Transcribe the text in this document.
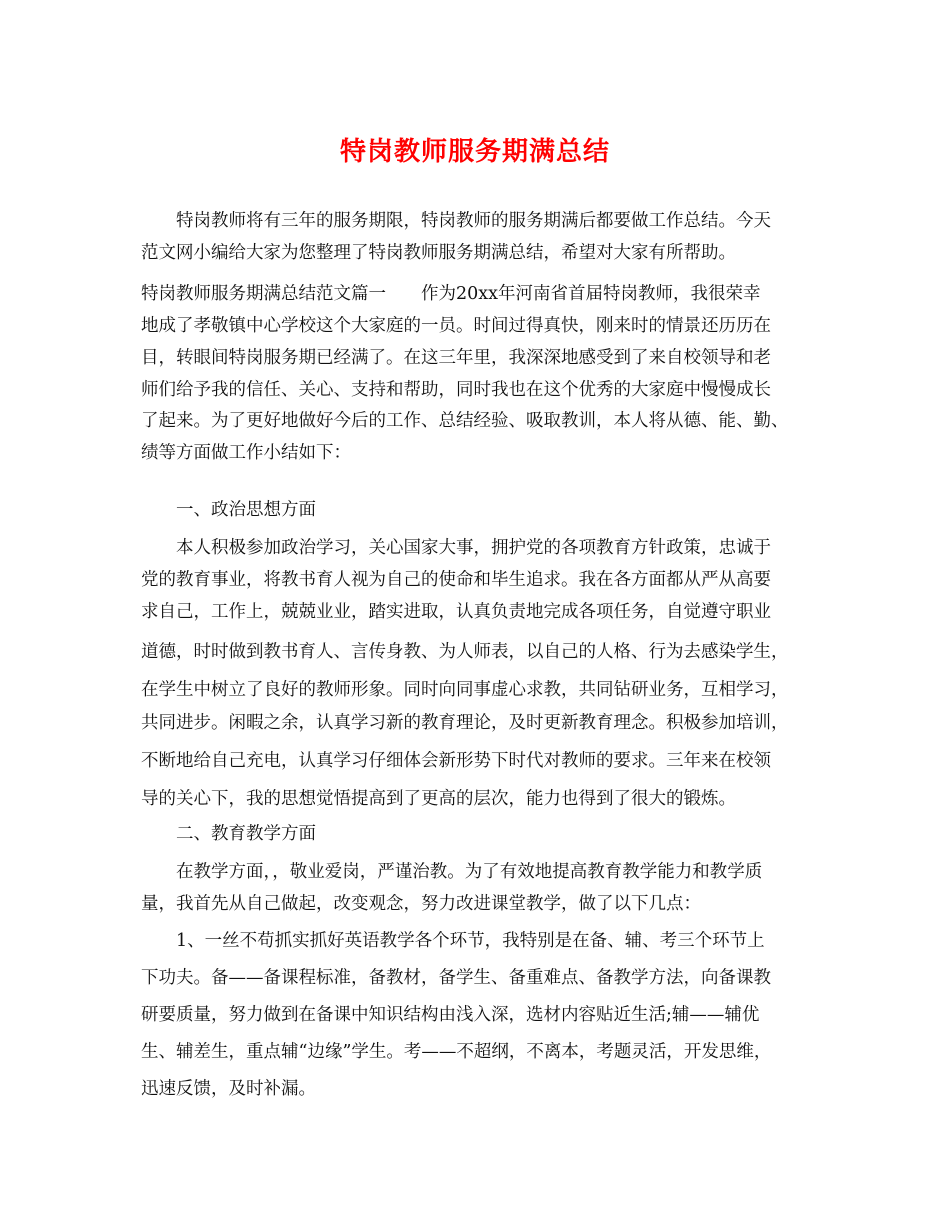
特岗教师服务期满总结
特岗教师将有三年的服务期限，特岗教师的服务期满后都要做工作总结。今天
范文网小编给大家为您整理了特岗教师服务期满总结，希望对大家有所帮助。
特岗教师服务期满总结范文篇一　　作为20xx年河南省首届特岗教师，我很荣幸
地成了孝敬镇中心学校这个大家庭的一员。时间过得真快，刚来时的情景还历历在
目，转眼间特岗服务期已经满了。在这三年里，我深深地感受到了来自校领导和老
师们给予我的信任、关心、支持和帮助，同时我也在这个优秀的大家庭中慢慢成长
了起来。为了更好地做好今后的工作、总结经验、吸取教训，本人将从德、能、勤、
绩等方面做工作小结如下：
一、政治思想方面
本人积极参加政治学习，关心国家大事，拥护党的各项教育方针政策，忠诚于
党的教育事业，将教书育人视为自己的使命和毕生追求。我在各方面都从严从高要
求自己，工作上，兢兢业业，踏实进取，认真负责地完成各项任务，自觉遵守职业
道德，时时做到教书育人、言传身教、为人师表，以自己的人格、行为去感染学生，
在学生中树立了良好的教师形象。同时向同事虚心求教，共同钻研业务，互相学习，
共同进步。闲暇之余，认真学习新的教育理论，及时更新教育理念。积极参加培训，
不断地给自己充电，认真学习仔细体会新形势下时代对教师的要求。三年来在校领
导的关心下，我的思想觉悟提高到了更高的层次，能力也得到了很大的锻炼。
二、教育教学方面
在教学方面，，敬业爱岗，严谨治教。为了有效地提高教育教学能力和教学质
量，我首先从自己做起，改变观念，努力改进课堂教学，做了以下几点：
1、一丝不苟抓实抓好英语教学各个环节，我特别是在备、辅、考三个环节上
下功夫。备——备课程标准，备教材，备学生、备重难点、备教学方法，向备课教
研要质量，努力做到在备课中知识结构由浅入深，选材内容贴近生活;辅——辅优
生、辅差生，重点辅“边缘”学生。考——不超纲，不离本，考题灵活，开发思维，
迅速反馈，及时补漏。
